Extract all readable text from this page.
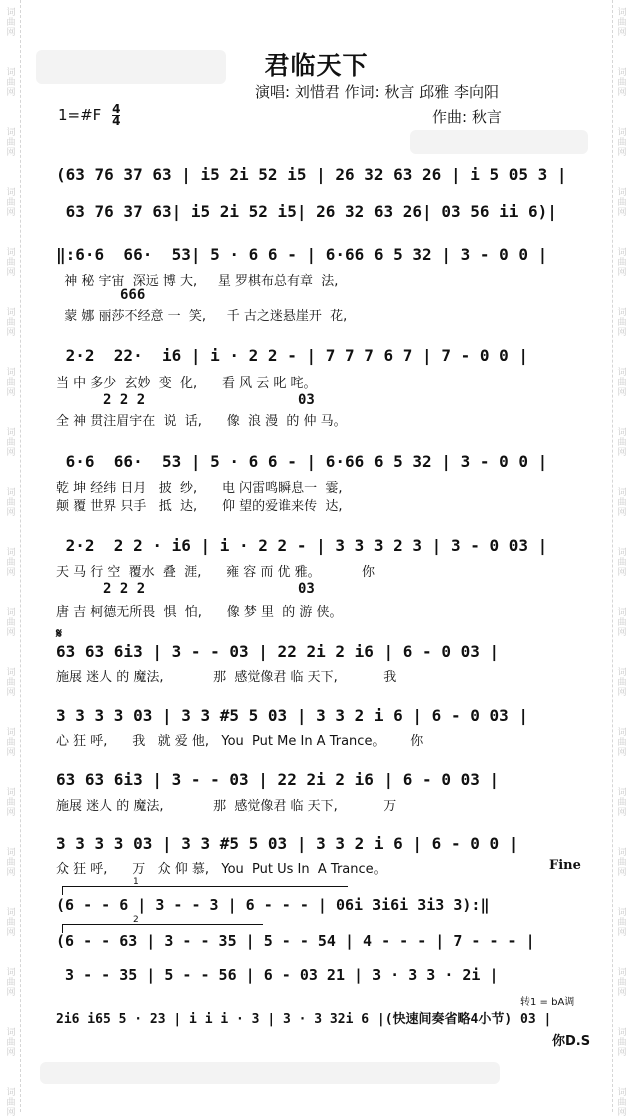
词
曲
网
词
曲
网
词
曲
网
词
曲
网
词
曲
网
词
曲
网
词
曲
网
词
曲
网
词
曲
网
词
曲
网
词
曲
网
词
曲
网
词
曲
网
词
曲
网
词
曲
网
词
曲
网
词
曲
网
词
曲
网
词
曲
网
词
曲
网
词
曲
网
词
曲
网
词
曲
网
词
曲
网
词
曲
网
词
曲
网
词
曲
网
词
曲
网
词
曲
网
词
曲
网
词
曲
网
词
曲
网
词
曲
网
词
曲
网
词
曲
网
词
曲
网
词
曲
网
词
曲
网
君临天下
演唱: 刘惜君 作词: 秋言 邱雅 李向阳
作曲: 秋言
1=#F $\frac{4}{4}$
(63 76 37 63 | i5 2i 52 i5 | 26 32 63 26 | i 5 05 3 |
63 76 37 63| i5 2i 52 i5| 26 32 63 26| 03 56 ii 6)|
‖:6·6  66·  53| 5 · 6 6 - | 6·66 6 5 32 | 3 - 0 0 |
神 秘 宇宙  深远 博 大,     星 罗棋布总有章  法,
666
蒙 娜 丽莎不经意 一  笑,     千 古之迷悬崖开  花,
2·2  22·  i6 | i · 2 2 - | 7 7 7 6 7 | 7 - 0 0 |
当 中 多少  玄妙  变  化,      看 风 云 叱 咤。
2 2 2	03
全 神 贯注眉宇在  说  话,      像  浪 漫  的 仲 马。
6·6  66·  53 | 5 · 6 6 - | 6·66 6 5 32 | 3 - 0 0 |
乾 坤 经纬 日月   披  纱,      电 闪雷鸣瞬息一  霎,
颠 覆 世界 只手   抵  达,      仰 望的爱谁来传  达,
2·2  2 2 · i6 | i · 2 2 - | 3 3 3 2 3 | 3 - 0 03 |
天 马 行 空  覆水  叠  涯,      雍 容 而 优 雅。          你
2 2 2	03
唐 吉 柯德无所畏  惧  怕,      像 梦 里  的 游 侠。
𝄋
63 63 6i3 | 3 - - 03 | 22 2i 2 i6 | 6 - 0 03 |
施展 迷人 的 魔法,            那  感觉像君 临 天下,           我
3 3 3 3 03 | 3 3 #5 5 03 | 3 3 2 i 6 | 6 - 0 03 |
心 狂 呼,      我   就 爱 他,   You  Put Me In A Trance。      你
63 63 6i3 | 3 - - 03 | 22 2i 2 i6 | 6 - 0 03 |
施展 迷人 的 魔法,            那  感觉像君 临 天下,           万
3 3 3 3 03 | 3 3 #5 5 03 | 3 3 2 i 6 | 6 - 0 0 |
众 狂 呼,      万   众 仰 慕,   You  Put Us In  A Trance。	Fine
1
(6 - - 6 | 3 - - 3 | 6 - - - | 06i 3i6i 3i3 3):‖
2
(6 - - 63 | 3 - - 35 | 5 - - 54 | 4 - - - | 7 - - - |
3 - - 35 | 5 - - 56 | 6 - 03 21 | 3 · 3 3 · 2i |
转1 = bA调
2i6 i65 5 · 23 | i i i · 3 | 3 · 3 32i 6 |(快速间奏省略4小节) 03 |
你D.S
